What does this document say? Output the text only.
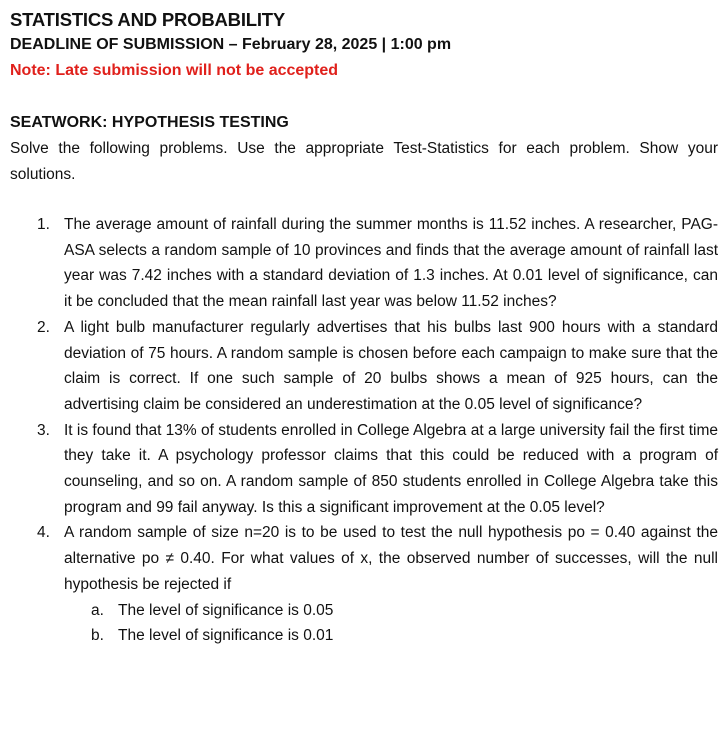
STATISTICS AND PROBABILITY

DEADLINE OF SUBMISSION – February 28, 2025 | 1:00 pm

Note: Late submission will not be accepted

SEATWORK: HYPOTHESIS TESTING

Solve the following problems. Use the appropriate Test-Statistics for each problem. Show your solutions.

1. The average amount of rainfall during the summer months is 11.52 inches. A researcher, PAG-ASA selects a random sample of 10 provinces and finds that the average amount of rainfall last year was 7.42 inches with a standard deviation of 1.3 inches. At 0.01 level of significance, can it be concluded that the mean rainfall last year was below 11.52 inches?
2. A light bulb manufacturer regularly advertises that his bulbs last 900 hours with a standard deviation of 75 hours. A random sample is chosen before each campaign to make sure that the claim is correct. If one such sample of 20 bulbs shows a mean of 925 hours, can the advertising claim be considered an underestimation at the 0.05 level of significance?
3. It is found that 13% of students enrolled in College Algebra at a large university fail the first time they take it. A psychology professor claims that this could be reduced with a program of counseling, and so on. A random sample of 850 students enrolled in College Algebra take this program and 99 fail anyway. Is this a significant improvement at the 0.05 level?
4. A random sample of size n=20 is to be used to test the null hypothesis po = 0.40 against the alternative po ≠ 0.40. For what values of x, the observed number of successes, will the null hypothesis be rejected if
a. The level of significance is 0.05
b. The level of significance is 0.01
